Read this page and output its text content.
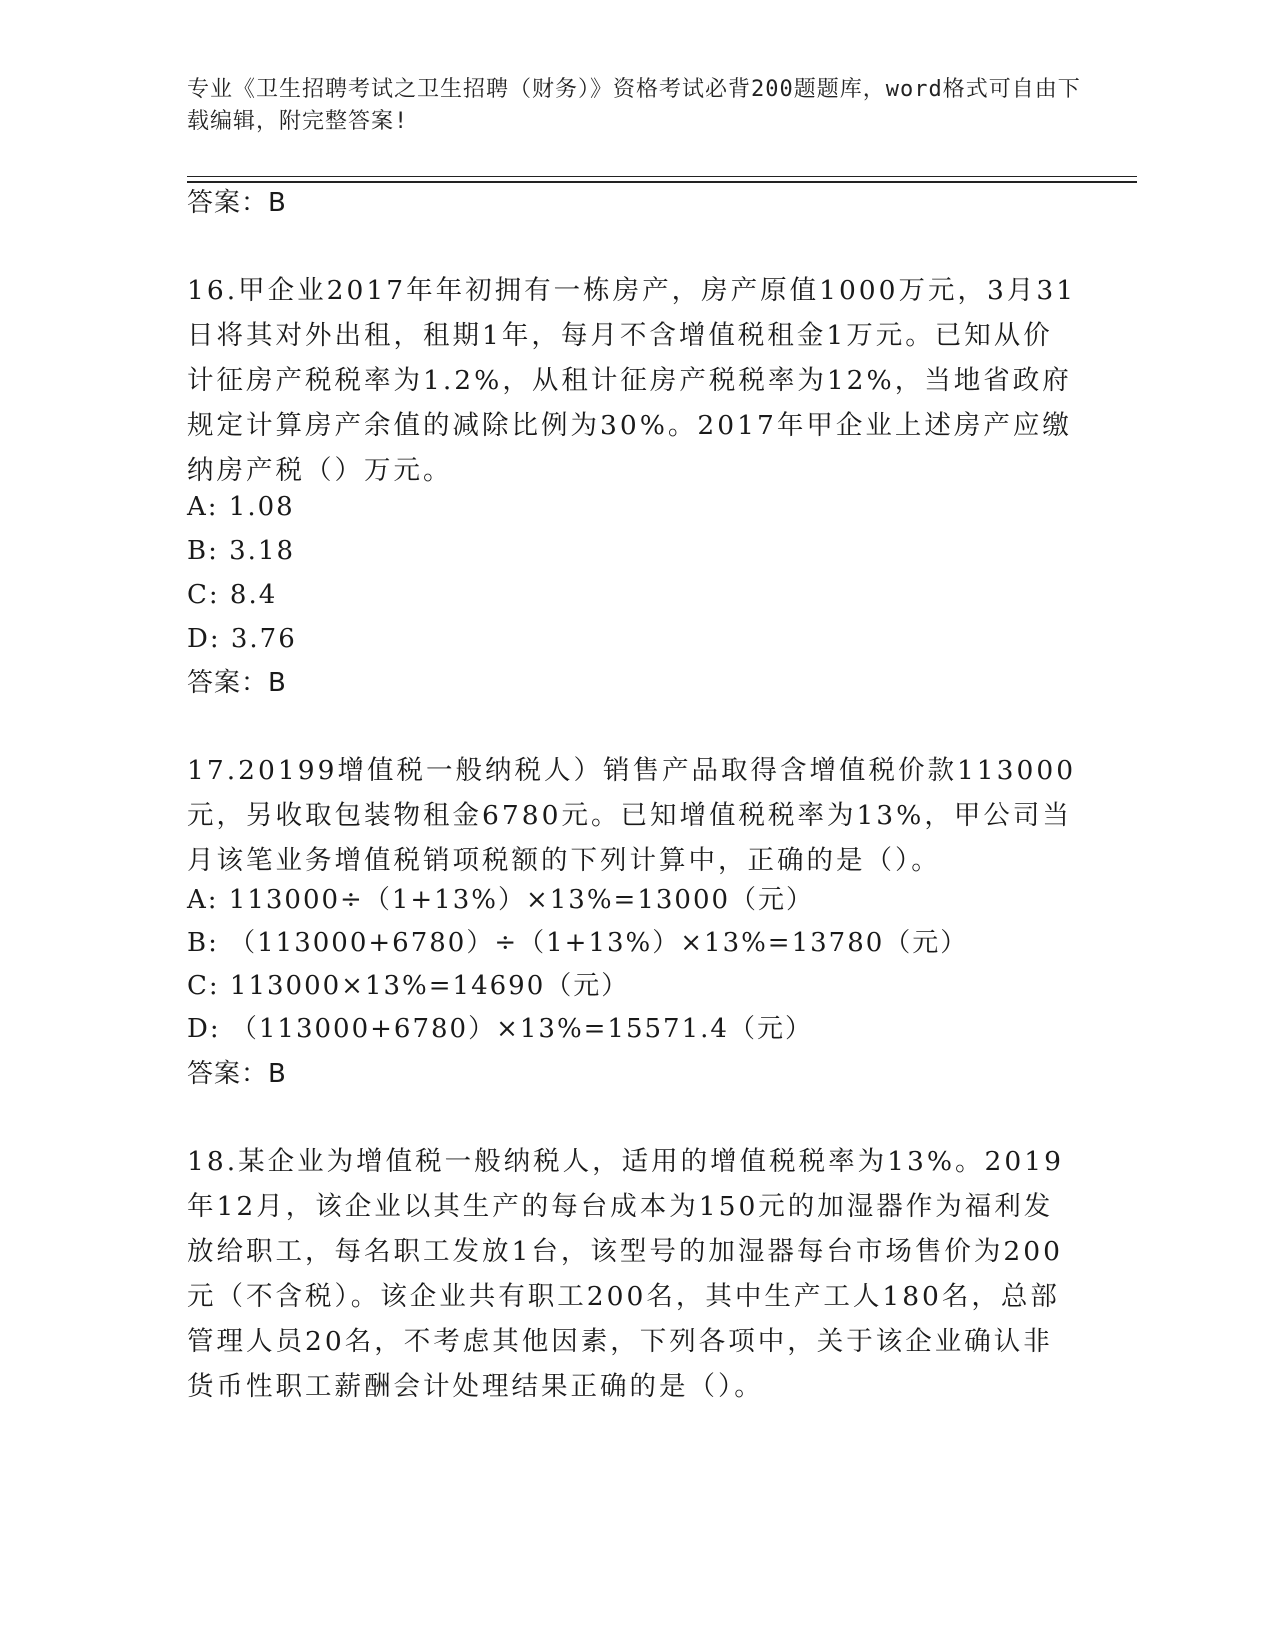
专业《卫生招聘考试之卫生招聘（财务）》资格考试必背200题题库，word格式可自由下载编辑，附完整答案!
答案：B
16.甲企业2017年年初拥有一栋房产，房产原值1000万元，3月31日将其对外出租，租期1年，每月不含增值税租金1万元。已知从价计征房产税税率为1.2%，从租计征房产税税率为12%，当地省政府规定计算房产余值的减除比例为30%。2017年甲企业上述房产应缴纳房产税（）万元。
A: 1.08
B: 3.18
C: 8.4
D: 3.76
答案：B
17.20199增值税一般纳税人）销售产品取得含增值税价款113000元，另收取包装物租金6780元。已知增值税税率为13%，甲公司当月该笔业务增值税销项税额的下列计算中，正确的是（）。
A: 113000÷（1+13%）×13%=13000（元）
B: （113000+6780）÷（1+13%）×13%=13780（元）
C: 113000×13%=14690（元）
D: （113000+6780）×13%=15571.4（元）
答案：B
18.某企业为增值税一般纳税人，适用的增值税税率为13%。2019年12月，该企业以其生产的每台成本为150元的加湿器作为福利发放给职工，每名职工发放1台，该型号的加湿器每台市场售价为200元（不含税）。该企业共有职工200名，其中生产工人180名，总部管理人员20名，不考虑其他因素，下列各项中，关于该企业确认非货币性职工薪酬会计处理结果正确的是（）。
